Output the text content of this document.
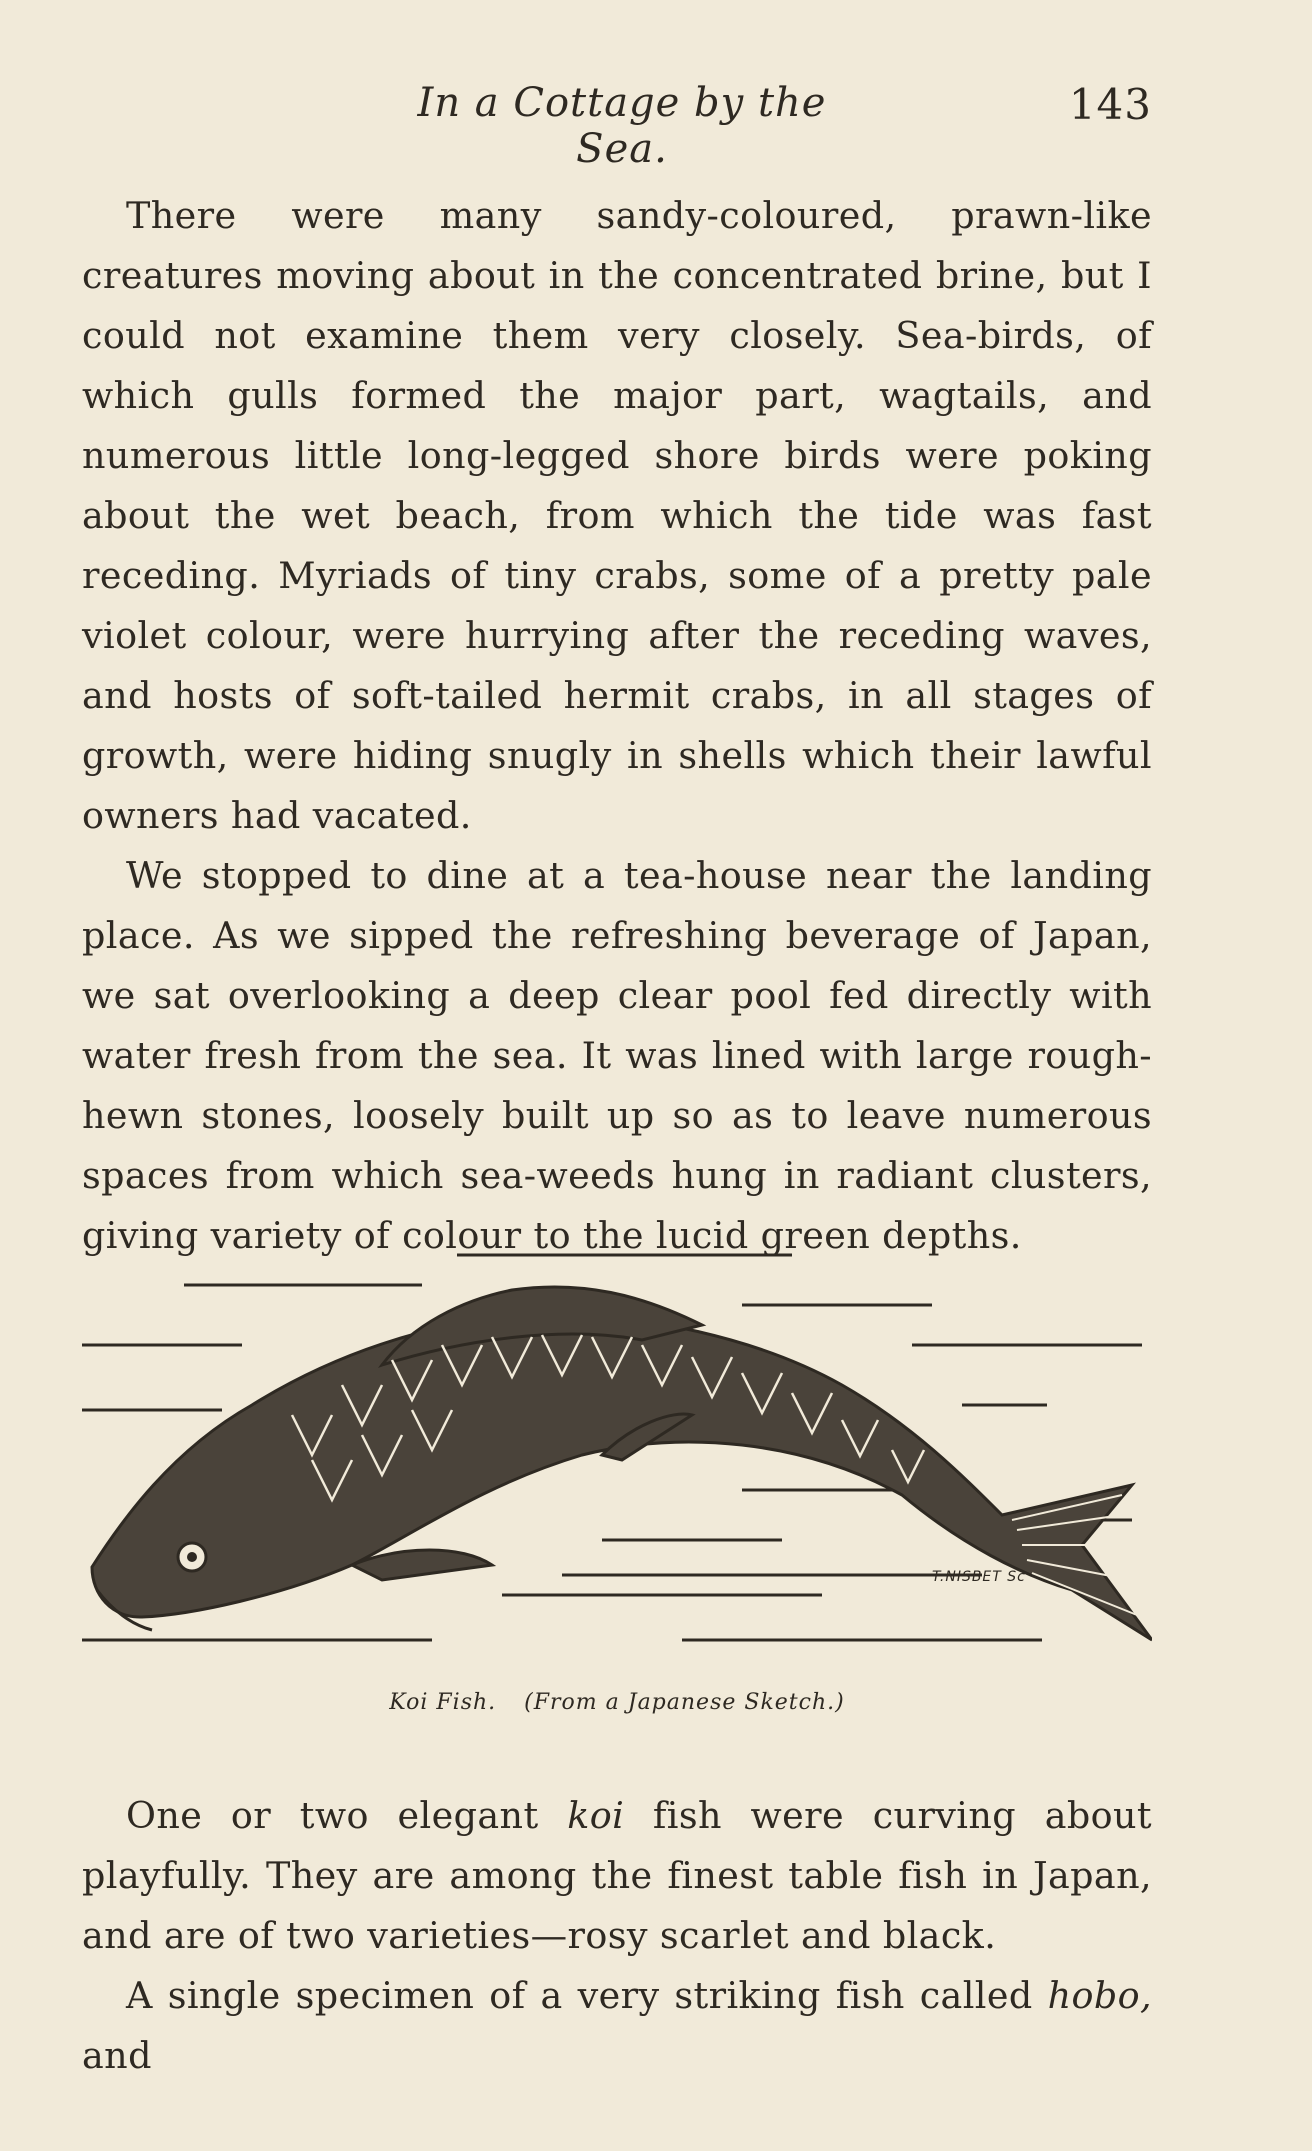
In a Cottage by the Sea.
143

There were many sandy-coloured, prawn-like creatures moving about in the concentrated brine, but I could not examine them very closely. Sea-birds, of which gulls formed the major part, wagtails, and numerous little long-legged shore birds were poking about the wet beach, from which the tide was fast receding. Myriads of tiny crabs, some of a pretty pale violet colour, were hurrying after the receding waves, and hosts of soft-tailed hermit crabs, in all stages of growth, were hiding snugly in shells which their lawful owners had vacated.

We stopped to dine at a tea-house near the landing place. As we sipped the refreshing beverage of Japan, we sat overlooking a deep clear pool fed directly with water fresh from the sea. It was lined with large rough-hewn stones, loosely built up so as to leave numerous spaces from which sea-weeds hung in radiant clusters, giving variety of colour to the lucid green depths.

T.NISBET Sc
Koi Fish. (From a Japanese Sketch.)

One or two elegant koi fish were curving about playfully. They are among the finest table fish in Japan, and are of two varieties—rosy scarlet and black.

A single specimen of a very striking fish called hobo, and
